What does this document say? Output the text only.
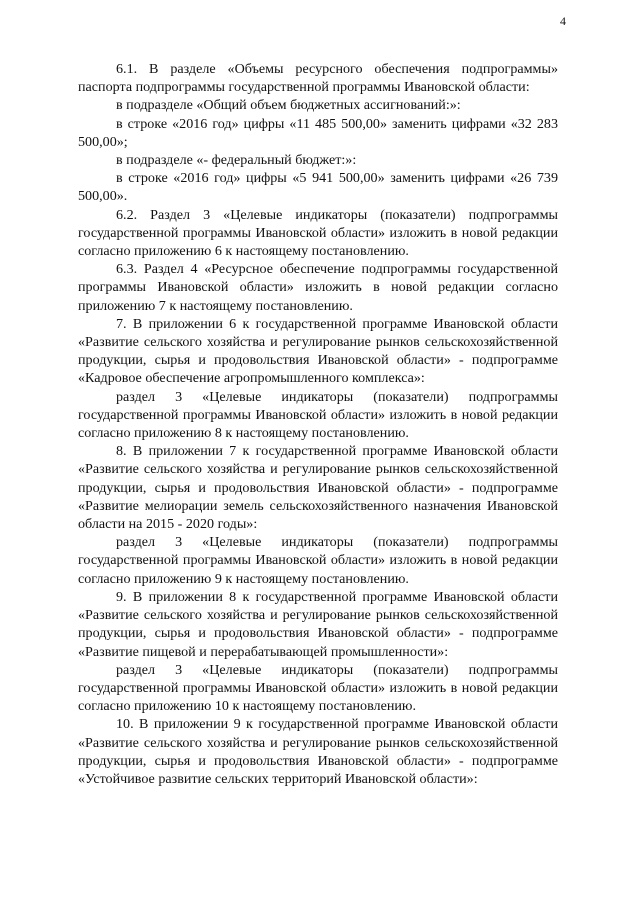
4

6.1. В разделе «Объемы ресурсного обеспечения подпрограммы» паспорта подпрограммы государственной программы Ивановской области:

в подразделе «Общий объем бюджетных ассигнований:»:

в строке «2016 год» цифры «11 485 500,00» заменить цифрами «32 283 500,00»;

в подразделе «- федеральный бюджет:»:

в строке «2016 год» цифры «5 941 500,00» заменить цифрами «26 739 500,00».

6.2. Раздел 3 «Целевые индикаторы (показатели) подпрограммы государственной программы Ивановской области» изложить в новой редакции согласно приложению 6 к настоящему постановлению.

6.3. Раздел 4 «Ресурсное обеспечение подпрограммы государственной программы Ивановской области» изложить в новой редакции согласно приложению 7 к настоящему постановлению.

7. В приложении 6 к государственной программе Ивановской области «Развитие сельского хозяйства и регулирование рынков сельскохозяйственной продукции, сырья и продовольствия Ивановской области» - подпрограмме «Кадровое обеспечение агропромышленного комплекса»:

раздел 3 «Целевые индикаторы (показатели) подпрограммы государственной программы Ивановской области» изложить в новой редакции согласно приложению 8 к настоящему постановлению.

8. В приложении 7 к государственной программе Ивановской области «Развитие сельского хозяйства и регулирование рынков сельскохозяйственной продукции, сырья и продовольствия Ивановской области» - подпрограмме «Развитие мелиорации земель сельскохозяйственного назначения Ивановской области на 2015 - 2020 годы»:

раздел 3 «Целевые индикаторы (показатели) подпрограммы государственной программы Ивановской области» изложить в новой редакции согласно приложению 9 к настоящему постановлению.

9. В приложении 8 к государственной программе Ивановской области «Развитие сельского хозяйства и регулирование рынков сельскохозяйственной продукции, сырья и продовольствия Ивановской области» - подпрограмме «Развитие пищевой и перерабатывающей промышленности»:

раздел 3 «Целевые индикаторы (показатели) подпрограммы государственной программы Ивановской области» изложить в новой редакции согласно приложению 10 к настоящему постановлению.

10. В приложении 9 к государственной программе Ивановской области «Развитие сельского хозяйства и регулирование рынков сельскохозяйственной продукции, сырья и продовольствия Ивановской области» - подпрограмме «Устойчивое развитие сельских территорий Ивановской области»:
